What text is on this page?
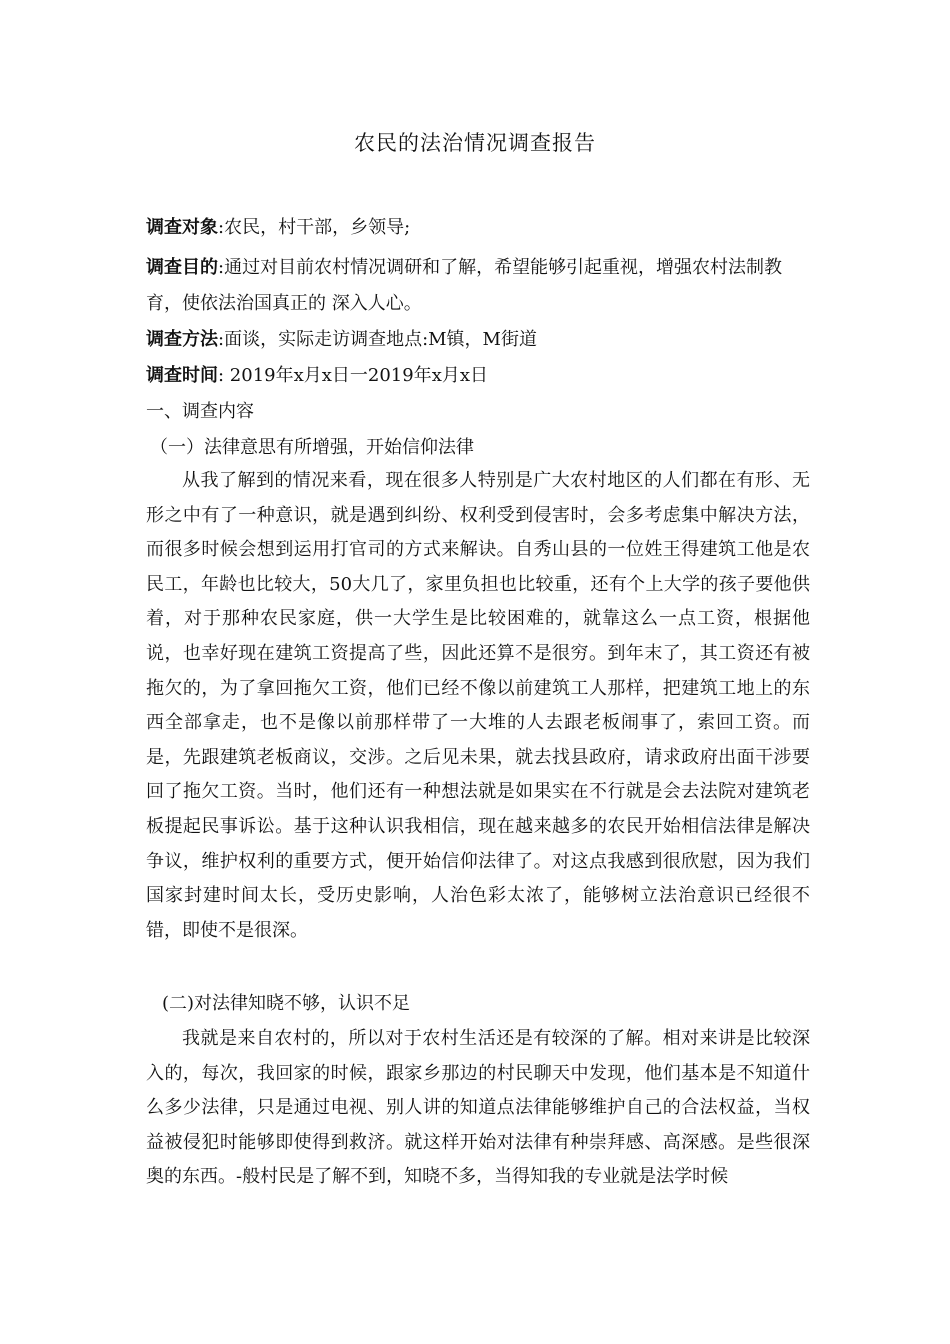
农民的法治情况调查报告
调查对象:农民，村干部，乡领导;
调查目的:通过对目前农村情况调研和了解，希望能够引起重视，增强农村法制教育，使依法治国真正的 深入人心。
调查方法:面谈，实际走访调查地点:M镇，M街道
调查时间: 2019年x月x日一2019年x月x日
一、调查内容
（一）法律意思有所增强，开始信仰法律
从我了解到的情况来看，现在很多人特别是广大农村地区的人们都在有形、无形之中有了一种意识，就是遇到纠纷、权利受到侵害时，会多考虑集中解决方法，而很多时候会想到运用打官司的方式来解诀。自秀山县的一位姓王得建筑工他是农民工，年龄也比较大，50大几了，家里负担也比较重，还有个上大学的孩子要他供着，对于那种农民家庭，供一大学生是比较困难的，就靠这么一点工资，根据他说，也幸好现在建筑工资提高了些，因此还算不是很穷。到年末了，其工资还有被拖欠的，为了拿回拖欠工资，他们已经不像以前建筑工人那样，把建筑工地上的东西全部拿走，也不是像以前那样带了一大堆的人去跟老板闹事了，索回工资。而是，先跟建筑老板商议，交涉。之后见未果，就去找县政府，请求政府出面干涉要回了拖欠工资。当时，他们还有一种想法就是如果实在不行就是会去法院对建筑老板提起民事诉讼。基于这种认识我相信，现在越来越多的农民开始相信法律是解决争议，维护权利的重要方式，便开始信仰法律了。对这点我感到很欣慰，因为我们国家封建时间太长，受历史影响，人治色彩太浓了，能够树立法治意识已经很不错，即使不是很深。
(二)对法律知晓不够，认识不足
我就是来自农村的，所以对于农村生活还是有较深的了解。相对来讲是比较深入的，每次，我回家的时候，跟家乡那边的村民聊天中发现，他们基本是不知道什么多少法律，只是通过电视、别人讲的知道点法律能够维护自己的合法权益，当权益被侵犯时能够即使得到救济。就这样开始对法律有种崇拜感、高深感。是些很深奥的东西。-般村民是了解不到，知晓不多，当得知我的专业就是法学时候
